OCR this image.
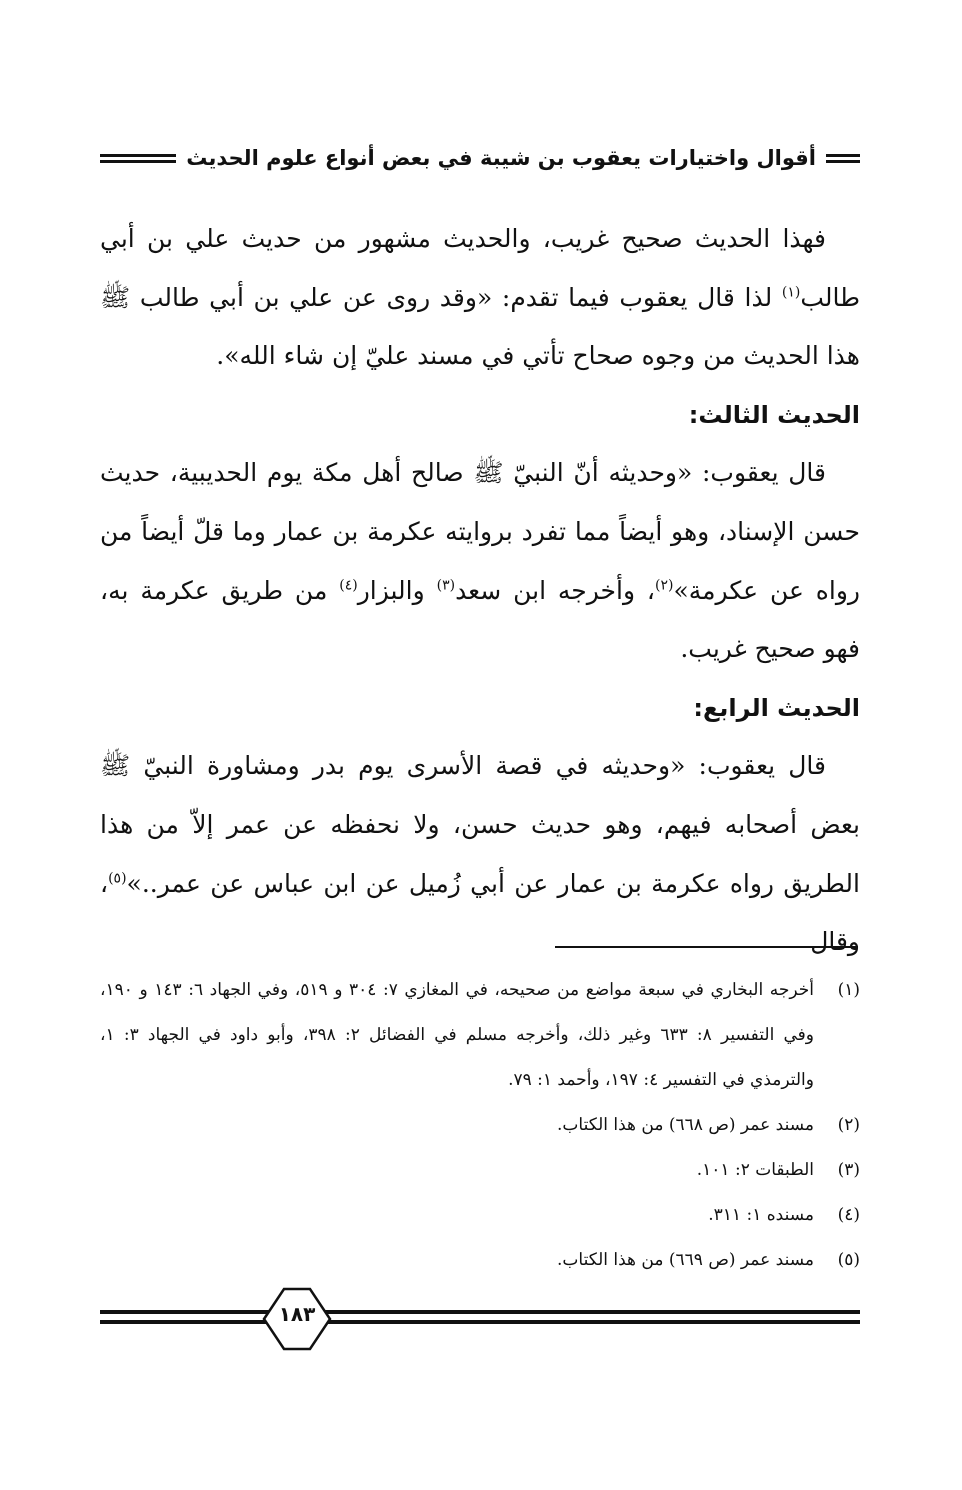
أقوال واختيارات يعقوب بن شيبة في بعض أنواع علوم الحديث

فهذا الحديث صحيح غريب، والحديث مشهور من حديث علي بن أبي طالب$^{(١)}$ لذا قال يعقوب فيما تقدم: «وقد روى عن علي بن أبي طالب ﷺ هذا الحديث من وجوه صحاح تأتي في مسند عليّ إن شاء الله».

الحديث الثالث:

قال يعقوب: «وحديثه أنّ النبيّ ﷺ صالح أهل مكة يوم الحديبية، حديث حسن الإسناد، وهو أيضاً مما تفرد بروايته عكرمة بن عمار وما قلّ أيضاً من رواه عن عكرمة»$^{(٢)}$، وأخرجه ابن سعد$^{(٣)}$ والبزار$^{(٤)}$ من طريق عكرمة به، فهو صحيح غريب.

الحديث الرابع:

قال يعقوب: «وحديثه في قصة الأسرى يوم بدر ومشاورة النبيّ ﷺ بعض أصحابه فيهم، وهو حديث حسن، ولا نحفظه عن عمر إلاّ من هذا الطريق رواه عكرمة بن عمار عن أبي زُميل عن ابن عباس عن عمر..»$^{(٥)}$، وقال

(١)
أخرجه البخاري في سبعة مواضع من صحيحه، في المغازي ٧: ٣٠٤ و ٥١٩، وفي الجهاد ٦: ١٤٣ و ١٩٠، وفي التفسير ٨: ٦٣٣ وغير ذلك، وأخرجه مسلم في الفضائل ٢: ٣٩٨، وأبو داود في الجهاد ٣: ١، والترمذي في التفسير ٤: ١٩٧، وأحمد ١: ٧٩.
(٢)
مسند عمر (ص ٦٦٨) من هذا الكتاب.
(٣)
الطبقات ٢: ١٠١.
(٤)
مسنده ١: ٣١١.
(٥)
مسند عمر (ص ٦٦٩) من هذا الكتاب.
١٨٣
